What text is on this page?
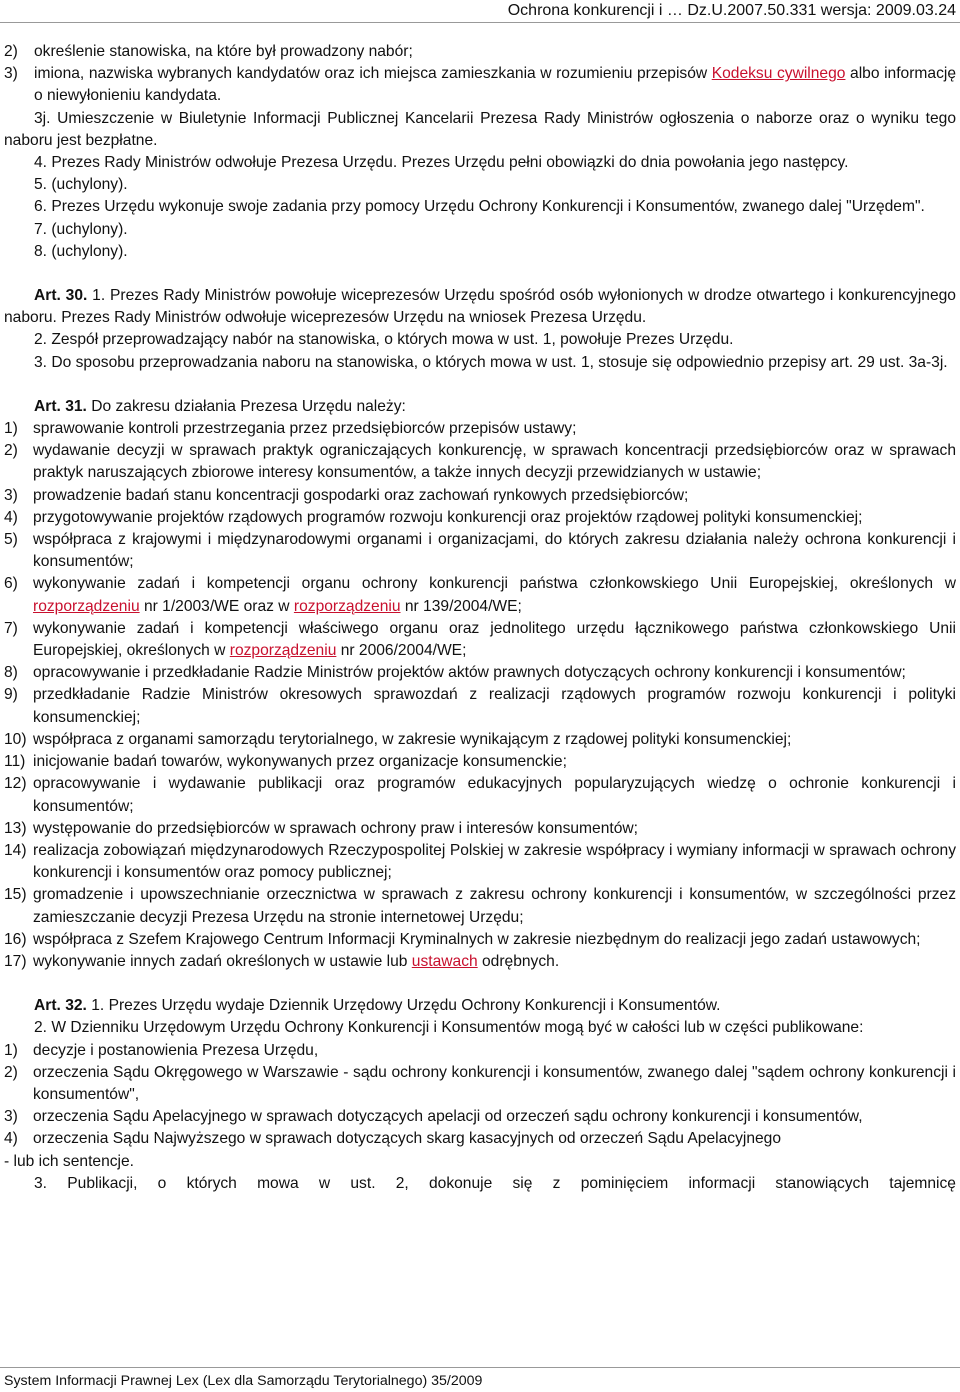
Ochrona konkurencji i … Dz.U.2007.50.331 wersja: 2009.03.24
2)	określenie stanowiska, na które był prowadzony nabór;
3)	imiona, nazwiska wybranych kandydatów oraz ich miejsca zamieszkania w rozumieniu przepisów Kodeksu cywilnego albo informację o niewyłonieniu kandydata.

3j. Umieszczenie w Biuletynie Informacji Publicznej Kancelarii Prezesa Rady Ministrów ogłoszenia o naborze oraz o wyniku tego naboru jest bezpłatne.

4. Prezes Rady Ministrów odwołuje Prezesa Urzędu. Prezes Urzędu pełni obowiązki do dnia powołania jego następcy.

5. (uchylony).

6. Prezes Urzędu wykonuje swoje zadania przy pomocy Urzędu Ochrony Konkurencji i Konsumentów, zwanego dalej "Urzędem".

7. (uchylony).

8. (uchylony).

Art. 30. 1. Prezes Rady Ministrów powołuje wiceprezesów Urzędu spośród osób wyłonionych w drodze otwartego i konkurencyjnego naboru. Prezes Rady Ministrów odwołuje wiceprezesów Urzędu na wniosek Prezesa Urzędu.

2. Zespół przeprowadzający nabór na stanowiska, o których mowa w ust. 1, powołuje Prezes Urzędu.

3. Do sposobu przeprowadzania naboru na stanowiska, o których mowa w ust. 1, stosuje się odpowiednio przepisy art. 29 ust. 3a-3j.

Art. 31. Do zakresu działania Prezesa Urzędu należy:

1) sprawowanie kontroli przestrzegania przez przedsiębiorców przepisów ustawy;
2) wydawanie decyzji w sprawach praktyk ograniczających konkurencję, w sprawach koncentracji przedsiębiorców oraz w sprawach praktyk naruszających zbiorowe interesy konsumentów, a także innych decyzji przewidzianych w ustawie;
3) prowadzenie badań stanu koncentracji gospodarki oraz zachowań rynkowych przedsiębiorców;
4) przygotowywanie projektów rządowych programów rozwoju konkurencji oraz projektów rządowej polityki konsumenckiej;
5) współpraca z krajowymi i międzynarodowymi organami i organizacjami, do których zakresu działania należy ochrona konkurencji i konsumentów;
6) wykonywanie zadań i kompetencji organu ochrony konkurencji państwa członkowskiego Unii Europejskiej, określonych w rozporządzeniu nr 1/2003/WE oraz w rozporządzeniu nr 139/2004/WE;
7) wykonywanie zadań i kompetencji właściwego organu oraz jednolitego urzędu łącznikowego państwa członkowskiego Unii Europejskiej, określonych w rozporządzeniu nr 2006/2004/WE;
8) opracowywanie i przedkładanie Radzie Ministrów projektów aktów prawnych dotyczących ochrony konkurencji i konsumentów;
9) przedkładanie Radzie Ministrów okresowych sprawozdań z realizacji rządowych programów rozwoju konkurencji i polityki konsumenckiej;
10) współpraca z organami samorządu terytorialnego, w zakresie wynikającym z rządowej polityki konsumenckiej;
11) inicjowanie badań towarów, wykonywanych przez organizacje konsumenckie;
12) opracowywanie i wydawanie publikacji oraz programów edukacyjnych popularyzujących wiedzę o ochronie konkurencji i konsumentów;
13) występowanie do przedsiębiorców w sprawach ochrony praw i interesów konsumentów;
14) realizacja zobowiązań międzynarodowych Rzeczypospolitej Polskiej w zakresie współpracy i wymiany informacji w sprawach ochrony konkurencji i konsumentów oraz pomocy publicznej;
15) gromadzenie i upowszechnianie orzecznictwa w sprawach z zakresu ochrony konkurencji i konsumentów, w szczególności przez zamieszczanie decyzji Prezesa Urzędu na stronie internetowej Urzędu;
16) współpraca z Szefem Krajowego Centrum Informacji Kryminalnych w zakresie niezbędnym do realizacji jego zadań ustawowych;
17) wykonywanie innych zadań określonych w ustawie lub ustawach odrębnych.

Art. 32. 1. Prezes Urzędu wydaje Dziennik Urzędowy Urzędu Ochrony Konkurencji i Konsumentów.

2. W Dzienniku Urzędowym Urzędu Ochrony Konkurencji i Konsumentów mogą być w całości lub w części publikowane:

1) decyzje i postanowienia Prezesa Urzędu,
2) orzeczenia Sądu Okręgowego w Warszawie - sądu ochrony konkurencji i konsumentów, zwanego dalej "sądem ochrony konkurencji i konsumentów",
3) orzeczenia Sądu Apelacyjnego w sprawach dotyczących apelacji od orzeczeń sądu ochrony konkurencji i konsumentów,
4) orzeczenia Sądu Najwyższego w sprawach dotyczących skarg kasacyjnych od orzeczeń Sądu Apelacyjnego

- lub ich sentencje.

3. Publikacji, o których mowa w ust. 2, dokonuje się z pominięciem informacji stanowiących tajemnicę

System Informacji Prawnej Lex (Lex dla Samorządu Terytorialnego) 35/2009
